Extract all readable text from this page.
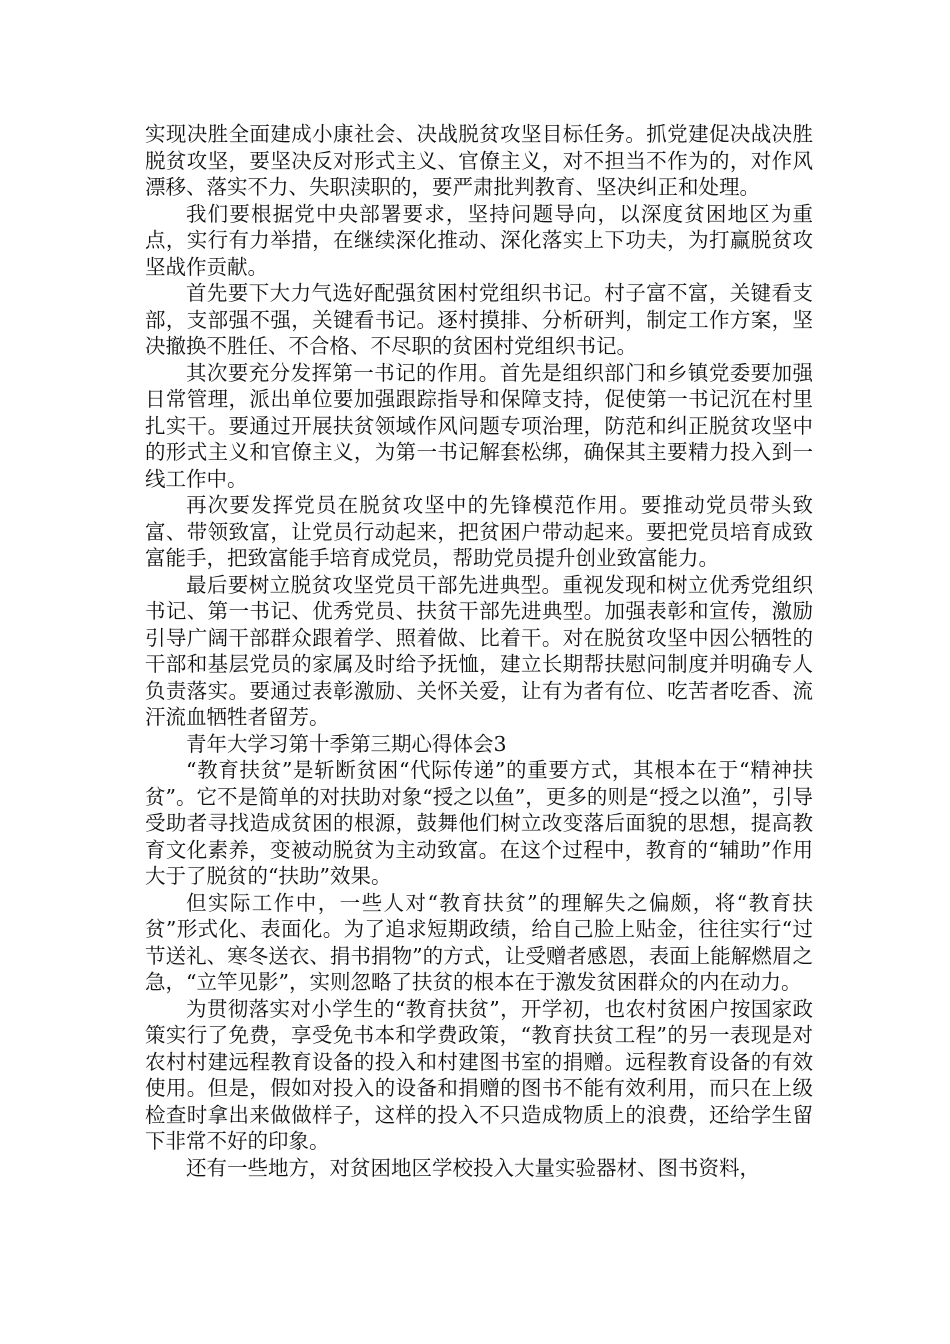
实现决胜全面建成小康社会、决战脱贫攻坚目标任务。抓党建促决战决胜脱贫攻坚，要坚决反对形式主义、官僚主义，对不担当不作为的，对作风漂移、落实不力、失职渎职的，要严肃批判教育、坚决纠正和处理。

我们要根据党中央部署要求，坚持问题导向，以深度贫困地区为重点，实行有力举措，在继续深化推动、深化落实上下功夫，为打赢脱贫攻坚战作贡献。

首先要下大力气选好配强贫困村党组织书记。村子富不富，关键看支部，支部强不强，关键看书记。逐村摸排、分析研判，制定工作方案，坚决撤换不胜任、不合格、不尽职的贫困村党组织书记。

其次要充分发挥第一书记的作用。首先是组织部门和乡镇党委要加强日常管理，派出单位要加强跟踪指导和保障支持，促使第一书记沉在村里扎实干。要通过开展扶贫领域作风问题专项治理，防范和纠正脱贫攻坚中的形式主义和官僚主义，为第一书记解套松绑，确保其主要精力投入到一线工作中。

再次要发挥党员在脱贫攻坚中的先锋模范作用。要推动党员带头致富、带领致富，让党员行动起来，把贫困户带动起来。要把党员培育成致富能手，把致富能手培育成党员，帮助党员提升创业致富能力。

最后要树立脱贫攻坚党员干部先进典型。重视发现和树立优秀党组织书记、第一书记、优秀党员、扶贫干部先进典型。加强表彰和宣传，激励引导广阔干部群众跟着学、照着做、比着干。对在脱贫攻坚中因公牺牲的干部和基层党员的家属及时给予抚恤，建立长期帮扶慰问制度并明确专人负责落实。要通过表彰激励、关怀关爱，让有为者有位、吃苦者吃香、流汗流血牺牲者留芳。

青年大学习第十季第三期心得体会3

“教育扶贫”是斩断贫困“代际传递”的重要方式，其根本在于“精神扶贫”。它不是简单的对扶助对象“授之以鱼”，更多的则是“授之以渔”，引导受助者寻找造成贫困的根源，鼓舞他们树立改变落后面貌的思想，提高教育文化素养，变被动脱贫为主动致富。在这个过程中，教育的“辅助”作用大于了脱贫的“扶助”效果。

但实际工作中，一些人对“教育扶贫”的理解失之偏颇，将“教育扶贫”形式化、表面化。为了追求短期政绩，给自己脸上贴金，往往实行“过节送礼、寒冬送衣、捐书捐物”的方式，让受赠者感恩，表面上能解燃眉之急，“立竿见影”，实则忽略了扶贫的根本在于激发贫困群众的内在动力。

为贯彻落实对小学生的“教育扶贫”，开学初，也农村贫困户按国家政策实行了免费，享受免书本和学费政策，“教育扶贫工程”的另一表现是对农村村建远程教育设备的投入和村建图书室的捐赠。远程教育设备的有效使用。但是，假如对投入的设备和捐赠的图书不能有效利用，而只在上级检查时拿出来做做样子，这样的投入不只造成物质上的浪费，还给学生留下非常不好的印象。

还有一些地方，对贫困地区学校投入大量实验器材、图书资料，
